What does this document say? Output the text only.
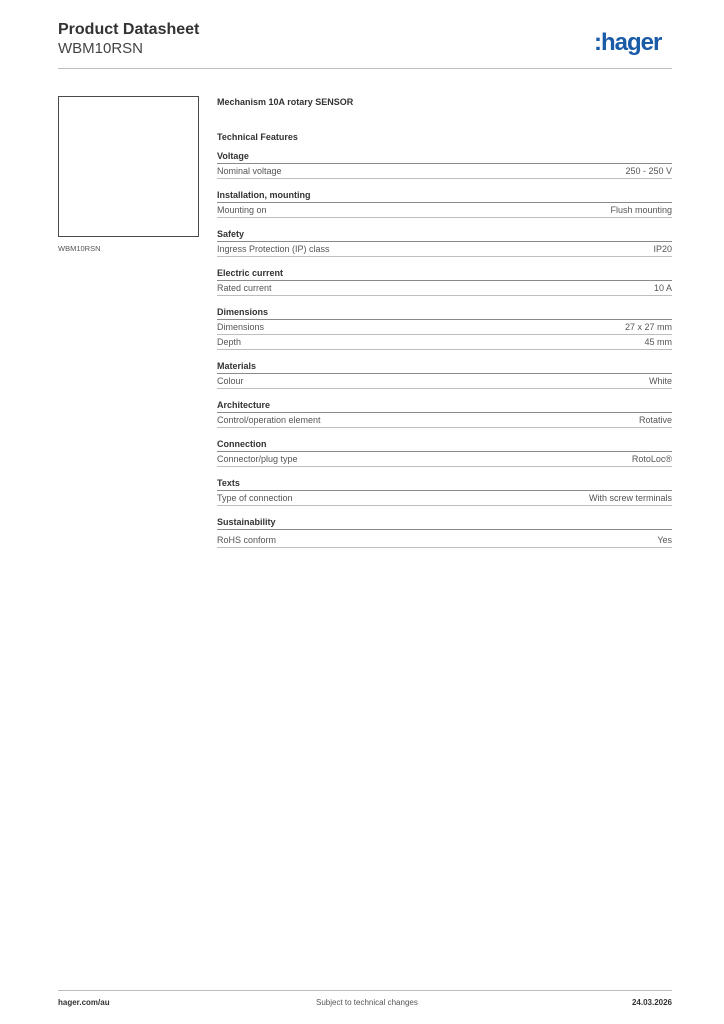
Product Datasheet
WBM10RSN	:hager
WBM10RSN
Mechanism 10A rotary SENSOR
Technical Features
Voltage
Nominal voltage	250 - 250 V
Installation, mounting
Mounting on	Flush mounting
Safety
Ingress Protection (IP) class	IP20
Electric current
Rated current	10 A
Dimensions
Dimensions	27 x 27 mm
Depth	45 mm
Materials
Colour	White
Architecture
Control/operation element	Rotative
Connection
Connector/plug type	RotoLoc®
Texts
Type of connection	With screw terminals
Sustainability
RoHS conform	Yes
hager.com/au	Subject to technical changes	24.03.2026
